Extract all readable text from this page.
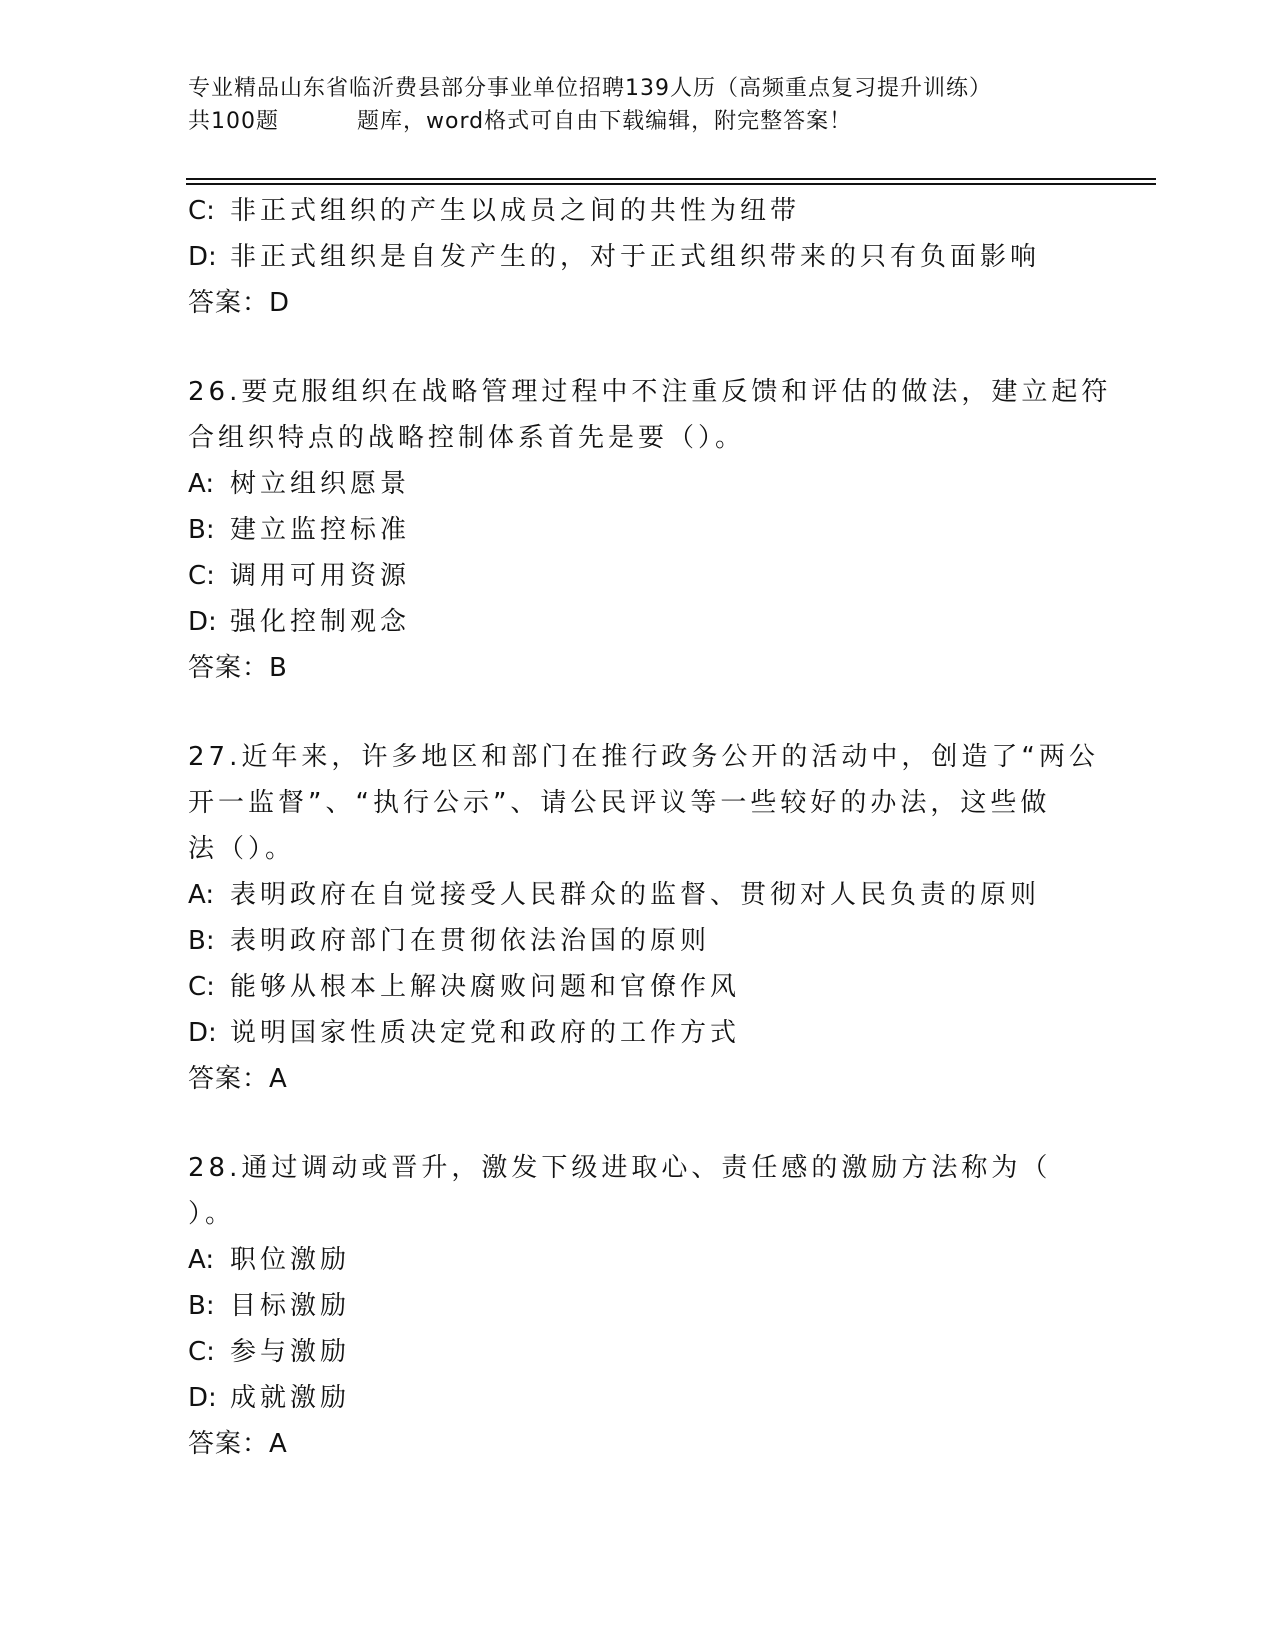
专业精品山东省临沂费县部分事业单位招聘139人历（高频重点复习提升训练）
共100题	题库，word格式可自由下载编辑，附完整答案！
C: 非正式组织的产生以成员之间的共性为纽带
D: 非正式组织是自发产生的，对于正式组织带来的只有负面影响
答案：D
26.要克服组织在战略管理过程中不注重反馈和评估的做法，建立起符
合组织特点的战略控制体系首先是要（）。
A: 树立组织愿景
B: 建立监控标准
C: 调用可用资源
D: 强化控制观念
答案：B
27.近年来，许多地区和部门在推行政务公开的活动中，创造了“两公
开一监督”、“执行公示”、请公民评议等一些较好的办法，这些做
法（）。
A: 表明政府在自觉接受人民群众的监督、贯彻对人民负责的原则
B: 表明政府部门在贯彻依法治国的原则
C: 能够从根本上解决腐败问题和官僚作风
D: 说明国家性质决定党和政府的工作方式
答案：A
28.通过调动或晋升，激发下级进取心、责任感的激励方法称为（
）。
A: 职位激励
B: 目标激励
C: 参与激励
D: 成就激励
答案：A
